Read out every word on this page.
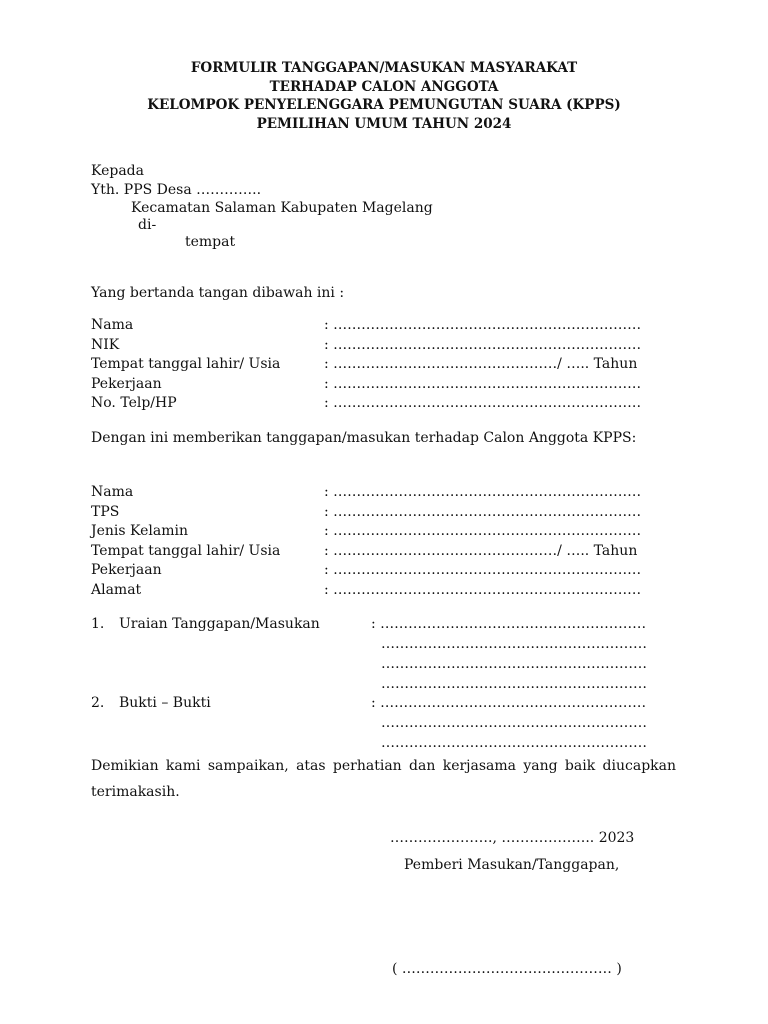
FORMULIR TANGGAPAN/MASUKAN MASYARAKAT
TERHADAP CALON ANGGOTA
KELOMPOK PENYELENGGARA PEMUNGUTAN SUARA (KPPS)
PEMILIHAN UMUM TAHUN 2024
Kepada
Yth. PPS Desa …………..
Kecamatan Salaman Kabupaten Magelang
di-
tempat
Yang bertanda tangan dibawah ini :
Nama	: …………………………………………………………
NIK	: …………………………………………………………
Tempat tanggal lahir/ Usia	: …………………………………………/ ….. Tahun
Pekerjaan	: …………………………………………………………
No. Telp/HP	: …………………………………………………………
Dengan ini memberikan tanggapan/masukan terhadap Calon Anggota KPPS:
Nama	: …………………………………………………………
TPS	: …………………………………………………………
Jenis Kelamin	: …………………………………………………………
Tempat tanggal lahir/ Usia	: …………………………………………/ ….. Tahun
Pekerjaan	: …………………………………………………………
Alamat	: …………………………………………………………
1. Uraian Tanggapan/Masukan	: …………………………………………………
…………………………………………………
…………………………………………………
…………………………………………………
2. Bukti – Bukti	: …………………………………………………
…………………………………………………
…………………………………………………
Demikian kami sampaikan, atas perhatian dan kerjasama yang baik diucapkan terimakasih.
…………………., ……………….. 2023
Pemberi Masukan/Tanggapan,
( ……………………………………… )
